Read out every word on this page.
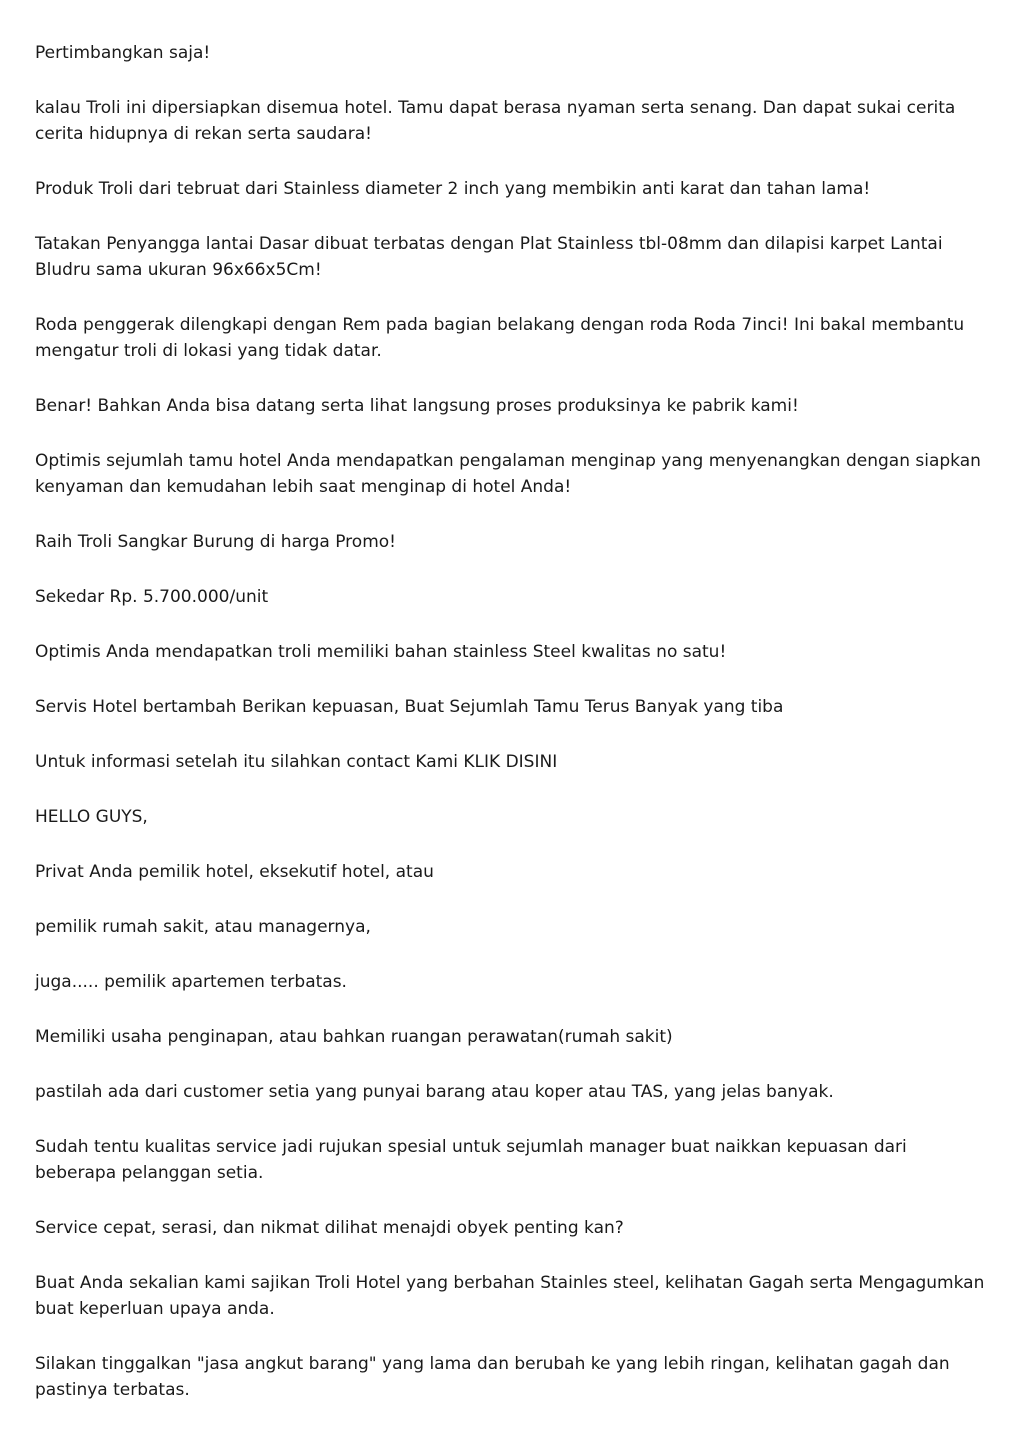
Pertimbangkan saja!

kalau Troli ini dipersiapkan disemua hotel. Tamu dapat berasa nyaman serta senang. Dan dapat sukai cerita cerita hidupnya di rekan serta saudara!

Produk Troli dari tebruat dari Stainless diameter 2 inch yang membikin anti karat dan tahan lama!

Tatakan Penyangga lantai Dasar dibuat terbatas dengan Plat Stainless tbl-08mm dan dilapisi karpet Lantai Bludru sama ukuran 96x66x5Cm!

Roda penggerak dilengkapi dengan Rem pada bagian belakang dengan roda Roda 7inci! Ini bakal membantu mengatur troli di lokasi yang tidak datar.

Benar! Bahkan Anda bisa datang serta lihat langsung proses produksinya ke pabrik kami!

Optimis sejumlah tamu hotel Anda mendapatkan pengalaman menginap yang menyenangkan dengan siapkan kenyaman dan kemudahan lebih saat menginap di hotel Anda!

Raih Troli Sangkar Burung di harga Promo!

Sekedar Rp. 5.700.000/unit

Optimis Anda mendapatkan troli memiliki bahan stainless Steel kwalitas no satu!

Servis Hotel bertambah Berikan kepuasan, Buat Sejumlah Tamu Terus Banyak yang tiba

Untuk informasi setelah itu silahkan contact Kami KLIK DISINI

HELLO GUYS,

Privat Anda pemilik hotel, eksekutif hotel, atau

pemilik rumah sakit, atau managernya,

juga..... pemilik apartemen terbatas.

Memiliki usaha penginapan, atau bahkan ruangan perawatan(rumah sakit)

pastilah ada dari customer setia yang punyai barang atau koper atau TAS, yang jelas banyak.

Sudah tentu kualitas service jadi rujukan spesial untuk sejumlah manager buat naikkan kepuasan dari beberapa pelanggan setia.

Service cepat, serasi, dan nikmat dilihat menajdi obyek penting kan?

Buat Anda sekalian kami sajikan Troli Hotel yang berbahan Stainles steel, kelihatan Gagah serta Mengagumkan buat keperluan upaya anda.

Silakan tinggalkan "jasa angkut barang" yang lama dan berubah ke yang lebih ringan, kelihatan gagah dan pastinya terbatas.
